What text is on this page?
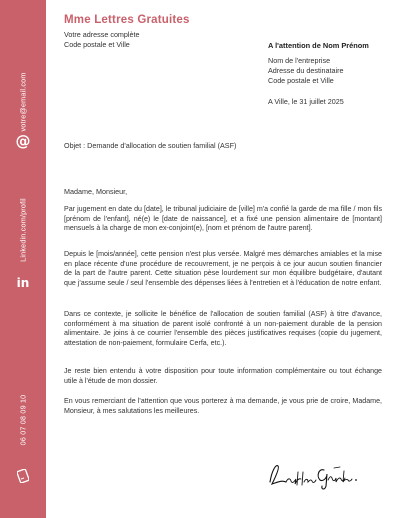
votre@email.com
@
Linkedin.com/profil
in
06 07 08 09 10
Mme Lettres Gratuites
Votre adresse complète
Code postale et Ville	A l'attention de Nom Prénom
Nom de l'entreprise
Adresse du destinataire
Code postale et Ville
A Ville, le 31 juillet 2025
Objet : Demande d'allocation de soutien familial (ASF)
Madame, Monsieur,

Par jugement en date du [date], le tribunal judiciaire de [ville] m'a confié la garde de ma fille / mon fils [prénom de l'enfant], né(e) le [date de naissance], et a fixé une pension alimentaire de [montant] mensuels à la charge de mon ex-conjoint(e), [nom et prénom de l'autre parent].

Depuis le [mois/année], cette pension n'est plus versée. Malgré mes démarches amiables et la mise en place récente d'une procédure de recouvrement, je ne perçois à ce jour aucun soutien financier de la part de l'autre parent. Cette situation pèse lourdement sur mon équilibre budgétaire, d'autant que j'assume seule / seul l'ensemble des dépenses liées à l'entretien et à l'éducation de notre enfant.

Dans ce contexte, je sollicite le bénéfice de l'allocation de soutien familial (ASF) à titre d'avance, conformément à ma situation de parent isolé confronté à un non-paiement durable de la pension alimentaire. Je joins à ce courrier l'ensemble des pièces justificatives requises (copie du jugement, attestation de non-paiement, formulaire Cerfa, etc.).

Je reste bien entendu à votre disposition pour toute information complémentaire ou tout échange utile à l'étude de mon dossier.

En vous remerciant de l'attention que vous porterez à ma demande, je vous prie de croire, Madame, Monsieur, à mes salutations les meilleures.
